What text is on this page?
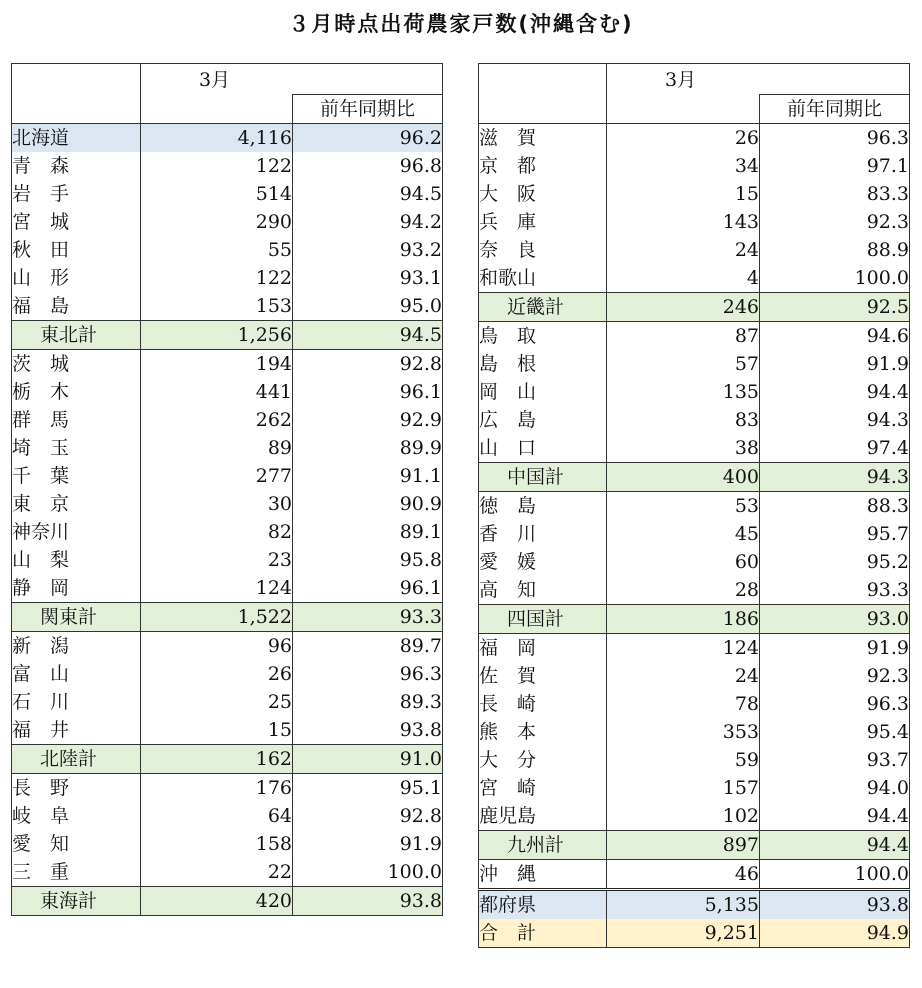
３月時点出荷農家戸数(沖縄含む)
	3月	
		前年同期比
北海道	4,116	96.2
青　森	122	96.8
岩　手	514	94.5
宮　城	290	94.2
秋　田	55	93.2
山　形	122	93.1
福　島	153	95.0
東北計	1,256	94.5
茨　城	194	92.8
栃　木	441	96.1
群　馬	262	92.9
埼　玉	89	89.9
千　葉	277	91.1
東　京	30	90.9
神奈川	82	89.1
山　梨	23	95.8
静　岡	124	96.1
関東計	1,522	93.3
新　潟	96	89.7
富　山	26	96.3
石　川	25	89.3
福　井	15	93.8
北陸計	162	91.0
長　野	176	95.1
岐　阜	64	92.8
愛　知	158	91.9
三　重	22	100.0
東海計	420	93.8
	3月	
		前年同期比
滋　賀	26	96.3
京　都	34	97.1
大　阪	15	83.3
兵　庫	143	92.3
奈　良	24	88.9
和歌山	4	100.0
近畿計	246	92.5
鳥　取	87	94.6
島　根	57	91.9
岡　山	135	94.4
広　島	83	94.3
山　口	38	97.4
中国計	400	94.3
徳　島	53	88.3
香　川	45	95.7
愛　媛	60	95.2
高　知	28	93.3
四国計	186	93.0
福　岡	124	91.9
佐　賀	24	92.3
長　崎	78	96.3
熊　本	353	95.4
大　分	59	93.7
宮　崎	157	94.0
鹿児島	102	94.4
九州計	897	94.4
沖　縄	46	100.0
都府県	5,135	93.8
合　計	9,251	94.9
